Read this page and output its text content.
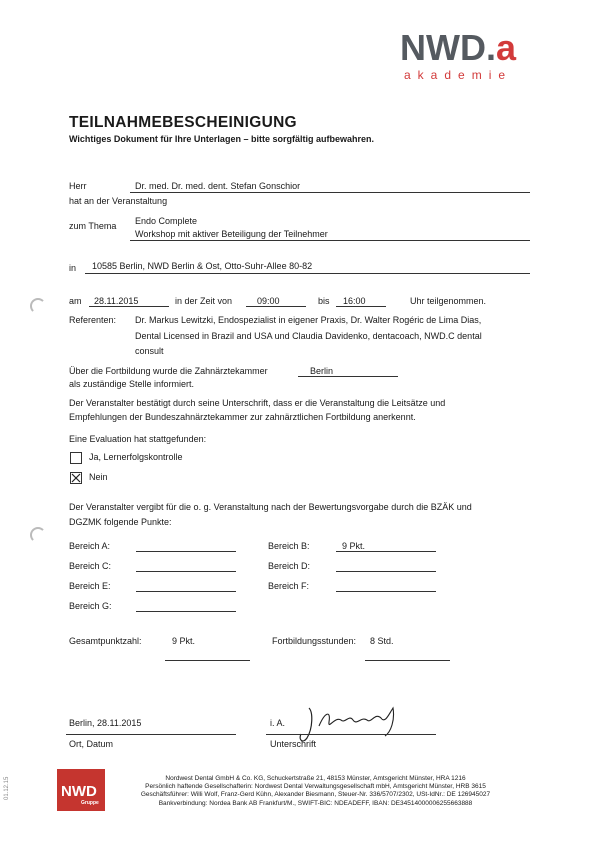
NWD.a
akademie
TEILNAHMEBESCHEINIGUNG
Wichtiges Dokument für Ihre Unterlagen – bitte sorgfältig aufbewahren.
Herr	Dr. med. Dr. med. dent. Stefan Gonschior
hat an der Veranstaltung
zum Thema Endo Complete
Workshop mit aktiver Beteiligung der Teilnehmer
in 10585 Berlin, NWD Berlin & Ost, Otto-Suhr-Allee 80-82
am 28.11.2015	in der Zeit von	09:00	bis 16:00	Uhr teilgenommen.
Referenten: Dr. Markus Lewitzki, Endospezialist in eigener Praxis, Dr. Walter Rogéric de Lima Dias,
Dental Licensed in Brazil and USA und Claudia Davidenko, dentacoach, NWD.C dental
consult
Über die Fortbildung wurde die Zahnärztekammer	Berlin
als zuständige Stelle informiert.
Der Veranstalter bestätigt durch seine Unterschrift, dass er die Veranstaltung die Leitsätze und
Empfehlungen der Bundeszahnärztekammer zur zahnärztlichen Fortbildung anerkennt.
Eine Evaluation hat stattgefunden:
Ja, Lernerfolgskontrolle
Nein
Der Veranstalter vergibt für die o. g. Veranstaltung nach der Bewertungsvorgabe durch die BZÄK und
DGZMK folgende Punkte:
Bereich A:	Bereich B:	9 Pkt.
Bereich C:	Bereich D:
Bereich E:	Bereich F:
Bereich G:
Gesamtpunktzahl:	9 Pkt.	Fortbildungsstunden: 8 Std.
Berlin, 28.11.2015
Ort, Datum
i. A.
Unterschrift
NWD
Gruppe
Nordwest Dental GmbH & Co. KG, Schuckertstraße 21, 48153 Münster, Amtsgericht Münster, HRA 1216
Persönlich haftende Gesellschafterin: Nordwest Dental Verwaltungsgesellschaft mbH, Amtsgericht Münster, HRB 3615
Geschäftsführer: Willi Wolf, Franz-Gerd Kühn, Alexander Biesmann, Steuer-Nr. 336/5707/2302, USt-IdNr.: DE 126945027
Bankverbindung: Nordea Bank AB Frankfurt/M., SWIFT-BIC: NDEADEFF, IBAN: DE34514000006255663888
01.12.15
